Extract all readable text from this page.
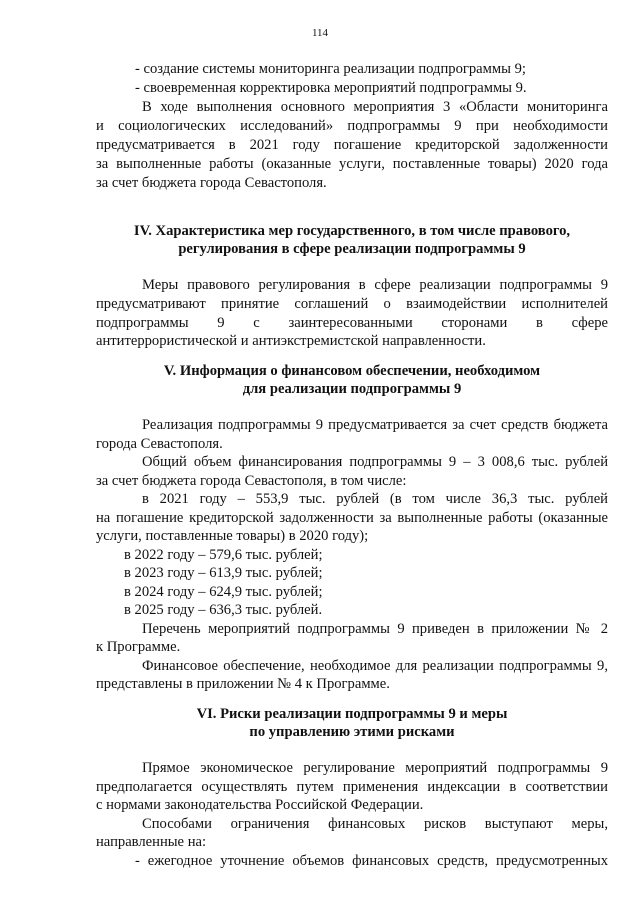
114
- создание системы мониторинга реализации подпрограммы 9;
- своевременная корректировка мероприятий подпрограммы 9.
В ходе выполнения основного мероприятия 3 «Области мониторинга
и социологических исследований» подпрограммы 9 при необходимости
предусматривается в 2021 году погашение кредиторской задолженности
за выполненные работы (оказанные услуги, поставленные товары) 2020 года
за счет бюджета города Севастополя.
IV. Характеристика мер государственного, в том числе правового,
регулирования в сфере реализации подпрограммы 9
Меры правового регулирования в сфере реализации подпрограммы 9
предусматривают принятие соглашений о взаимодействии исполнителей
подпрограммы 9 с заинтересованными сторонами в сфере
антитеррористической и антиэкстремистской направленности.
V. Информация о финансовом обеспечении, необходимом
для реализации подпрограммы 9
Реализация подпрограммы 9 предусматривается за счет средств бюджета
города Севастополя.
Общий объем финансирования подпрограммы 9 – 3 008,6 тыс. рублей
за счет бюджета города Севастополя, в том числе:
в 2021 году – 553,9 тыс. рублей (в том числе 36,3 тыс. рублей
на погашение кредиторской задолженности за выполненные работы (оказанные
услуги, поставленные товары) в 2020 году);
в 2022 году – 579,6 тыс. рублей;
в 2023 году – 613,9 тыс. рублей;
в 2024 году – 624,9 тыс. рублей;
в 2025 году – 636,3 тыс. рублей.
Перечень мероприятий подпрограммы 9 приведен в приложении № 2
к Программе.
Финансовое обеспечение, необходимое для реализации подпрограммы 9,
представлены в приложении № 4 к Программе.
VI. Риски реализации подпрограммы 9 и меры
по управлению этими рисками
Прямое экономическое регулирование мероприятий подпрограммы 9
предполагается осуществлять путем применения индексации в соответствии
с нормами законодательства Российской Федерации.
Способами ограничения финансовых рисков выступают меры,
направленные на:
- ежегодное уточнение объемов финансовых средств, предусмотренных
